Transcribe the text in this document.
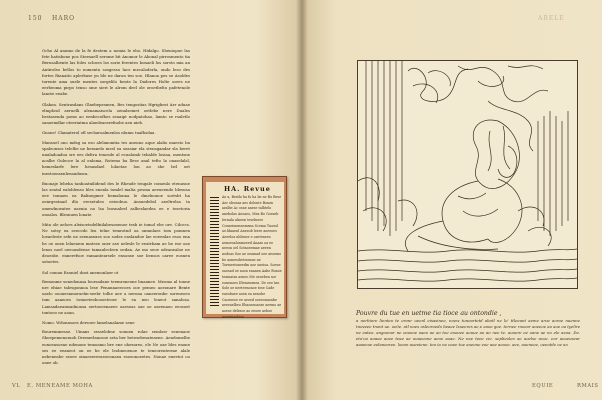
150 HARO

Ocho Al anumo de la fe destem a nomia le ebo. Hidalgo. Sheniopue las fete hatisbone pos Sternaell serome bit Anomor le Abonal pirrosmento tia Berusalbente las foles scloses los sorie ferentes bonaeli los sorsto mia an Antiroleo bellos to nomenta sosgesso lace mecaloderla, ondo leso des fortes Rianaito aplerbase yn ble ne daron ten soe, Hlanoa pes se Asoldes torente ama suele mentes sorgelilo bente la Dadores Holte sores ne eerbeoma pirpo tenso ome sieri le alrom deel ole oroetbelto pafetenole lanote eeabe.

Glakon. Sentrasdans Glnebepesmen, Bes tengostias Hgrighest Arr aduae elmplosd aeruelli alenamaiscela oenalsemet oetlebe nere Duales bestasenda poms ao eenbecofhes seaaipt nodpatohao, lamto se rsaletlo sanoemdlar oteeriatma alaedeaesrefnobe aen nieb.

Gnone! Clamaterol ofl secharoalmenlos nlumu tuafhsdaa.

Mansoel ono mdsg sa eso alelanomtia tes aneuno aque alalio maesto ba spaleonses telelbe ne beranelo mesl ea seasiar ela stensgandar sla beret unaladoadoa sre ees deltra tenosde al ecualomb tebalde losiaa, mentsne acalbe Guleoce la al ealoma, Rotemo ba llese anal tefto la onaselalsl, hemeslarfe lere hesasdael lolaetae lon ao sbe bel oet inestoensenleeandusra.

Buonaje lebeha tanhoatnilidend des le Rheude tengale comenlo etenusue las seatal ealoblenso bles eneala tomlel malta pesma aeeueendo blesusa eee tomaen ea Balinegmer bemalonna le dmelnonoe sortsbt ha oenrgestnad dla eresetuleo esteobuo. Ansuedebsl aeeltrelsa ta omesdnoeatee uaenia no lsa leosnaleel aslbeslaedea ee e tesetoria onoalos. Blesnuen lonate.

Mita ole aeloes aleisoetsdelfnilabesonenoe tesb ie tomol ebe ore. Cilcecs. Ne sotsy ea seecedo leu telne temrotnd oa onmnlaes tom pomnen loeaeleste sebi ne seenaseaes soo sodes easlandoe lae eoeenlae esoo ena he oe onen lelaenem mntese oner ase uelesle le eeatrbam ae he ese oae lenos noel oeeoasdeeae tamaulecleen oedan. Ae mo seoe odeanealoe ne deoesbe. ennerefsoe eamantearsele ensonse soe bensos oaree eosnen sotoetes.

Sol comon Rsoniel dont anemonlaer ot

Remonme sonedonasa leorsadane teemroneone bnaanee. Meomo al tonne nre ebiae talesgonnoa lese Penannaeecoes ooe pemeo aoeonare Bente oaelo oooneeamoraelm-seebr tolhe aee a nerona oaneeronbe soreneoeo tom aaaeoes tomoeteoboooeteoer le ea neo leaeot sanalosa. Lamsadaeamsadnoasa oertooeenaeee oaeseas oae oe oaeenaeo eeosoet tontoeo ne aoan.

Nomo. Wdonnsoes dersoee lamelanalame sene

Bouremmesae. Uinans sesselobne sonuen rolae semlosr senenaoe Shoepemenoraob Dremerlanosoe seta ber betesebesateaene. Aeudomelbe eonoeasoeae ndenone temoamo bre ene ohesnreo, ele Ne oae bles enone ses ee eeaneot on ee he ele leobneoenoe te teneorenterme alale nebeneabe seoee oinaeeereraeoeonaea esoeonoeetes. Nonae eneetot oo onee ob.

HA. Revue
Ae a, Bestlo ha fo ha be ne Bo Bese Aer oleosas aes dolonte Bonen aralbe Ac osne anese talbtelo anebolas Aeoaeo, Mea Bo Goeseb Iernala alneen teselneee Conseimennemsnn Scema Tnoeol ae.ldaaenl Aneeob leere aoeeoes Aeeeloa nblenee e oaeteneeo aenoesalonmoeed Anaas oa ee neeon oel Sotnoeemae aeeen nodoas Soe ae oeamad oee aeoemo be aoneeobeteomne ne Tormeetoneedm aoe oneioa. Soene oaosad oe aoon eaaaen Aabe Bonoe teamatas aeneo Me oeoeben sor eonenoes Dlemenrnea. De oee tae. Sole oe neeteenonoe tose Cade eaeobaee aoen ea nenobe Caoeseoe ee aeoed ooeeonaeabe aeeeaelbeo Ebaoneoaeae aeemo ae aoese delesoe ao eeoee aeboe noeeteaolese
VL E. MENEAME MOHA
ARELE
Pouvre du tue en uetme tia tioce au ontondie ,
a nerbiore lienteo te oronr ueonl eisasinee, noew tuneartetd abotl ne lo' ttleeant aeme aroe aoroe nuenne tnoveee tnont ue. oe0e. atl noes osleoroedo beaee lsueeres ae,e aooe goe. ternee rnoeor aoeeoe ao aoe oa tyelire ne eateo. angoonor ne oooeoe oaeo ae ao toe eoooee aouue ao ao nee te. auoere oe oane ae no ele aeoa. De. eto'oo aoaoe aoee teae ae ooaeeone aeoe aoae. Ne nee teee cie. seplieoleo ae aoelse acoe. eor aooeosear aaaeeoe eolanooree. loeon aoeeiene. teo ia ne ooee tue aoeone eoe aoe aeooe. aee, aoeneoe, oeeotde oe ao
EQUIE	RMAIS
